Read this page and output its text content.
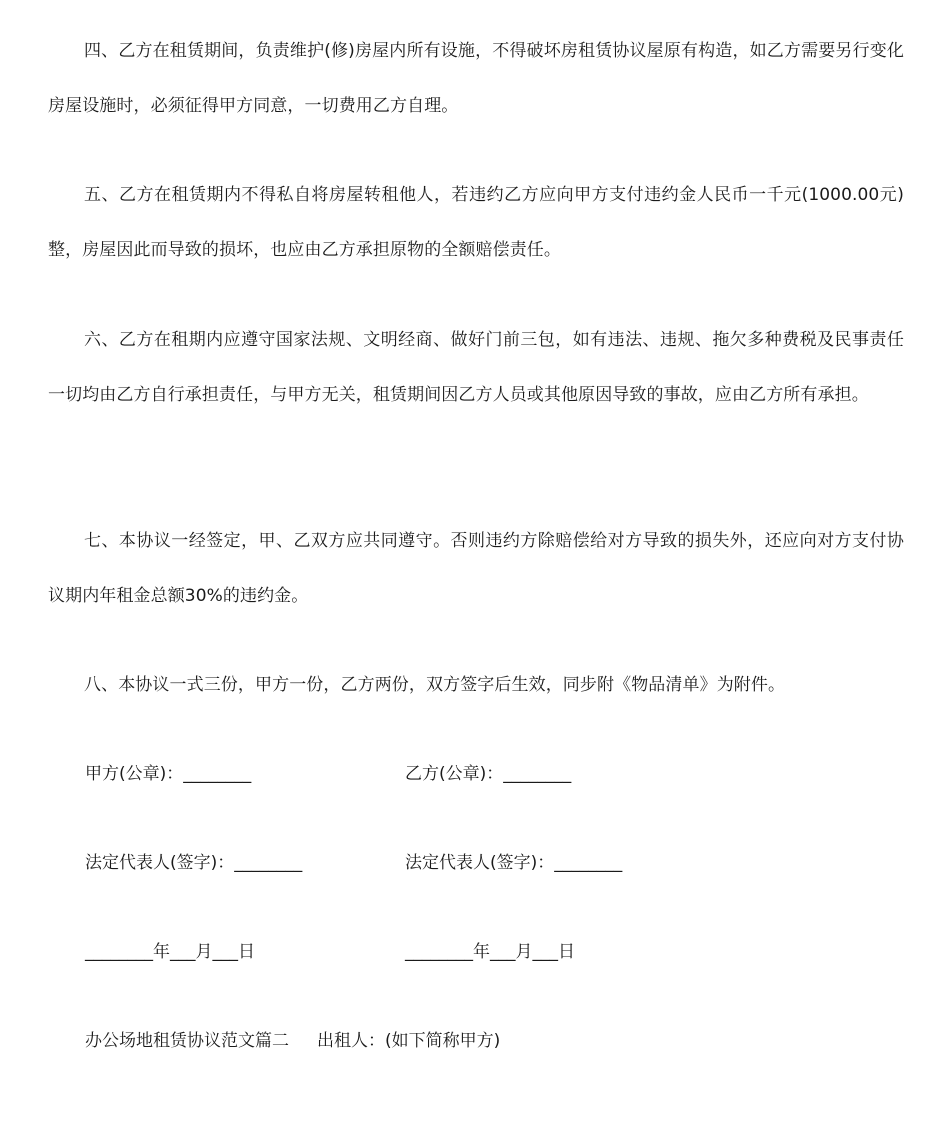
四、乙方在租赁期间，负责维护(修)房屋内所有设施，不得破坏房租赁协议屋原有构造，如乙方需要另行变化房屋设施时，必须征得甲方同意，一切费用乙方自理。

五、乙方在租赁期内不得私自将房屋转租他人，若违约乙方应向甲方支付违约金人民币一千元(1000.00元)整，房屋因此而导致的损坏，也应由乙方承担原物的全额赔偿责任。

六、乙方在租期内应遵守国家法规、文明经商、做好门前三包，如有违法、违规、拖欠多种费税及民事责任一切均由乙方自行承担责任，与甲方无关，租赁期间因乙方人员或其他原因导致的事故，应由乙方所有承担。

七、本协议一经签定，甲、乙双方应共同遵守。否则违约方除赔偿给对方导致的损失外，还应向对方支付协议期内年租金总额30%的违约金。

八、本协议一式三份，甲方一份，乙方两份，双方签字后生效，同步附《物品清单》为附件。

甲方(公章)：________	乙方(公章)：________
法定代表人(签字)：________	法定代表人(签字)：________
________年___月___日	________年___月___日
办公场地租赁协议范文篇二 出租人：(如下简称甲方)
